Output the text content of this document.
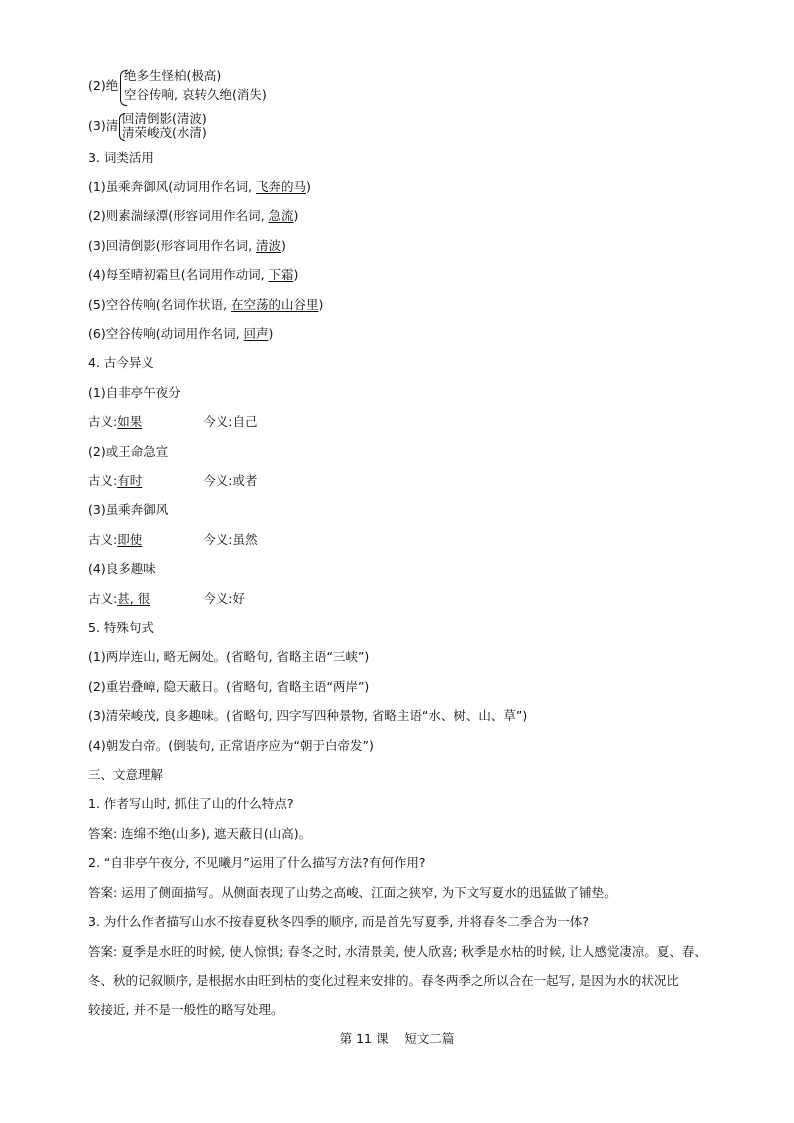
(2)绝
绝多生怪柏(极高)
空谷传响, 哀转久绝(消失)
(3)清 回清倒影(清波)
清荣峻茂(水清)
3. 词类活用
(1)虽乘奔御风(动词用作名词, 飞奔的马)
(2)则素湍绿潭(形容词用作名词, 急流)
(3)回清倒影(形容词用作名词, 清波)
(4)每至晴初霜旦(名词用作动词, 下霜)
(5)空谷传响(名词作状语, 在空荡的山谷里)
(6)空谷传响(动词用作名词, 回声)
4. 古今异义
(1)自非亭午夜分
古义:如果	今义:自己
(2)或王命急宣
古义:有时	今义:或者
(3)虽乘奔御风
古义:即使	今义:虽然
(4)良多趣味
古义:甚, 很	今义:好
5. 特殊句式
(1)两岸连山, 略无阙处。(省略句, 省略主语“三峡”)
(2)重岩叠嶂, 隐天蔽日。(省略句, 省略主语“两岸”)
(3)清荣峻茂, 良多趣味。(省略句, 四字写四种景物, 省略主语“水、树、山、草”)
(4)朝发白帝。(倒装句, 正常语序应为“朝于白帝发”)
三、文意理解
1. 作者写山时, 抓住了山的什么特点?
答案: 连绵不绝(山多), 遮天蔽日(山高)。
2. “自非亭午夜分, 不见曦月”运用了什么描写方法?有何作用?
答案: 运用了侧面描写。从侧面表现了山势之高峻、江面之狭窄, 为下文写夏水的迅猛做了铺垫。
3. 为什么作者描写山水不按春夏秋冬四季的顺序, 而是首先写夏季, 并将春冬二季合为一体?
答案: 夏季是水旺的时候, 使人惊惧; 春冬之时, 水清景美, 使人欣喜; 秋季是水枯的时候, 让人感觉凄凉。夏、春、
冬、秋的记叙顺序, 是根据水由旺到枯的变化过程来安排的。春冬两季之所以合在一起写, 是因为水的状况比
较接近, 并不是一般性的略写处理。
第 11 课    短文二篇
